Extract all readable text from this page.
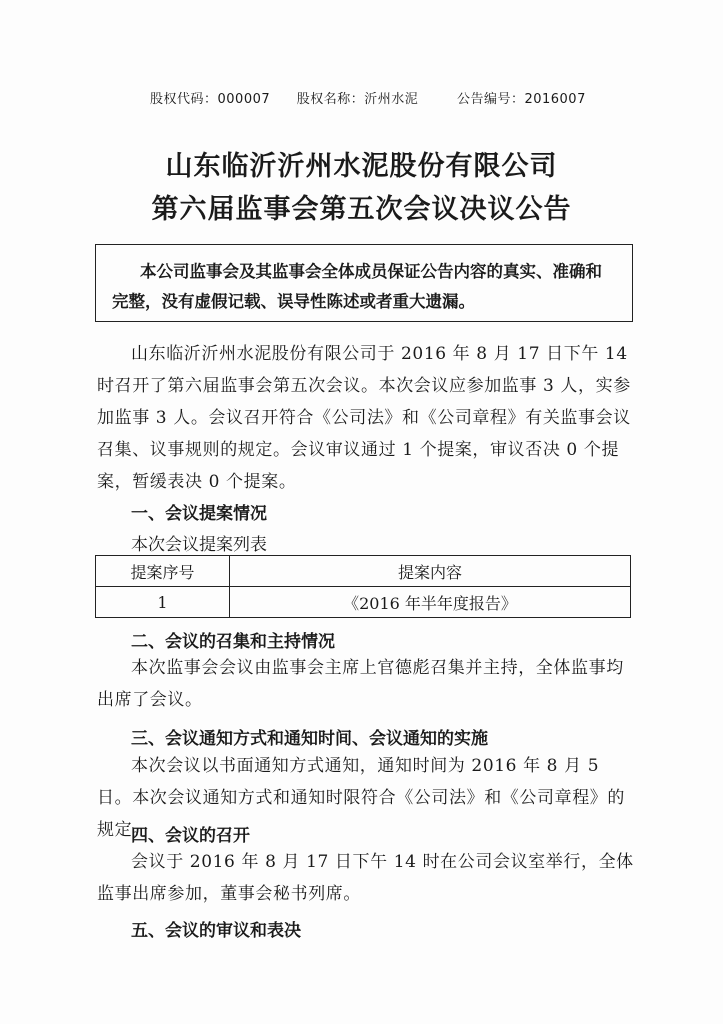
股权代码：000007 股权名称：沂州水泥	公告编号：2016007
山东临沂沂州水泥股份有限公司
第六届监事会第五次会议决议公告
本公司监事会及其监事会全体成员保证公告内容的真实、准确和完整，没有虚假记载、误导性陈述或者重大遗漏。
山东临沂沂州水泥股份有限公司于 2016 年 8 月 17 日下午 14 时召开了第六届监事会第五次会议。本次会议应参加监事 3 人，实参加监事 3 人。会议召开符合《公司法》和《公司章程》有关监事会议召集、议事规则的规定。会议审议通过 1 个提案，审议否决 0 个提案，暂缓表决 0 个提案。
一、会议提案情况
本次会议提案列表
提案序号	提案内容
1	《2016 年半年度报告》
二、会议的召集和主持情况
本次监事会会议由监事会主席上官德彪召集并主持，全体监事均出席了会议。
三、会议通知方式和通知时间、会议通知的实施
本次会议以书面通知方式通知，通知时间为 2016 年 8 月 5 日。本次会议通知方式和通知时限符合《公司法》和《公司章程》的规定。
四、会议的召开
会议于 2016 年 8 月 17 日下午 14 时在公司会议室举行，全体监事出席参加，董事会秘书列席。
五、会议的审议和表决
